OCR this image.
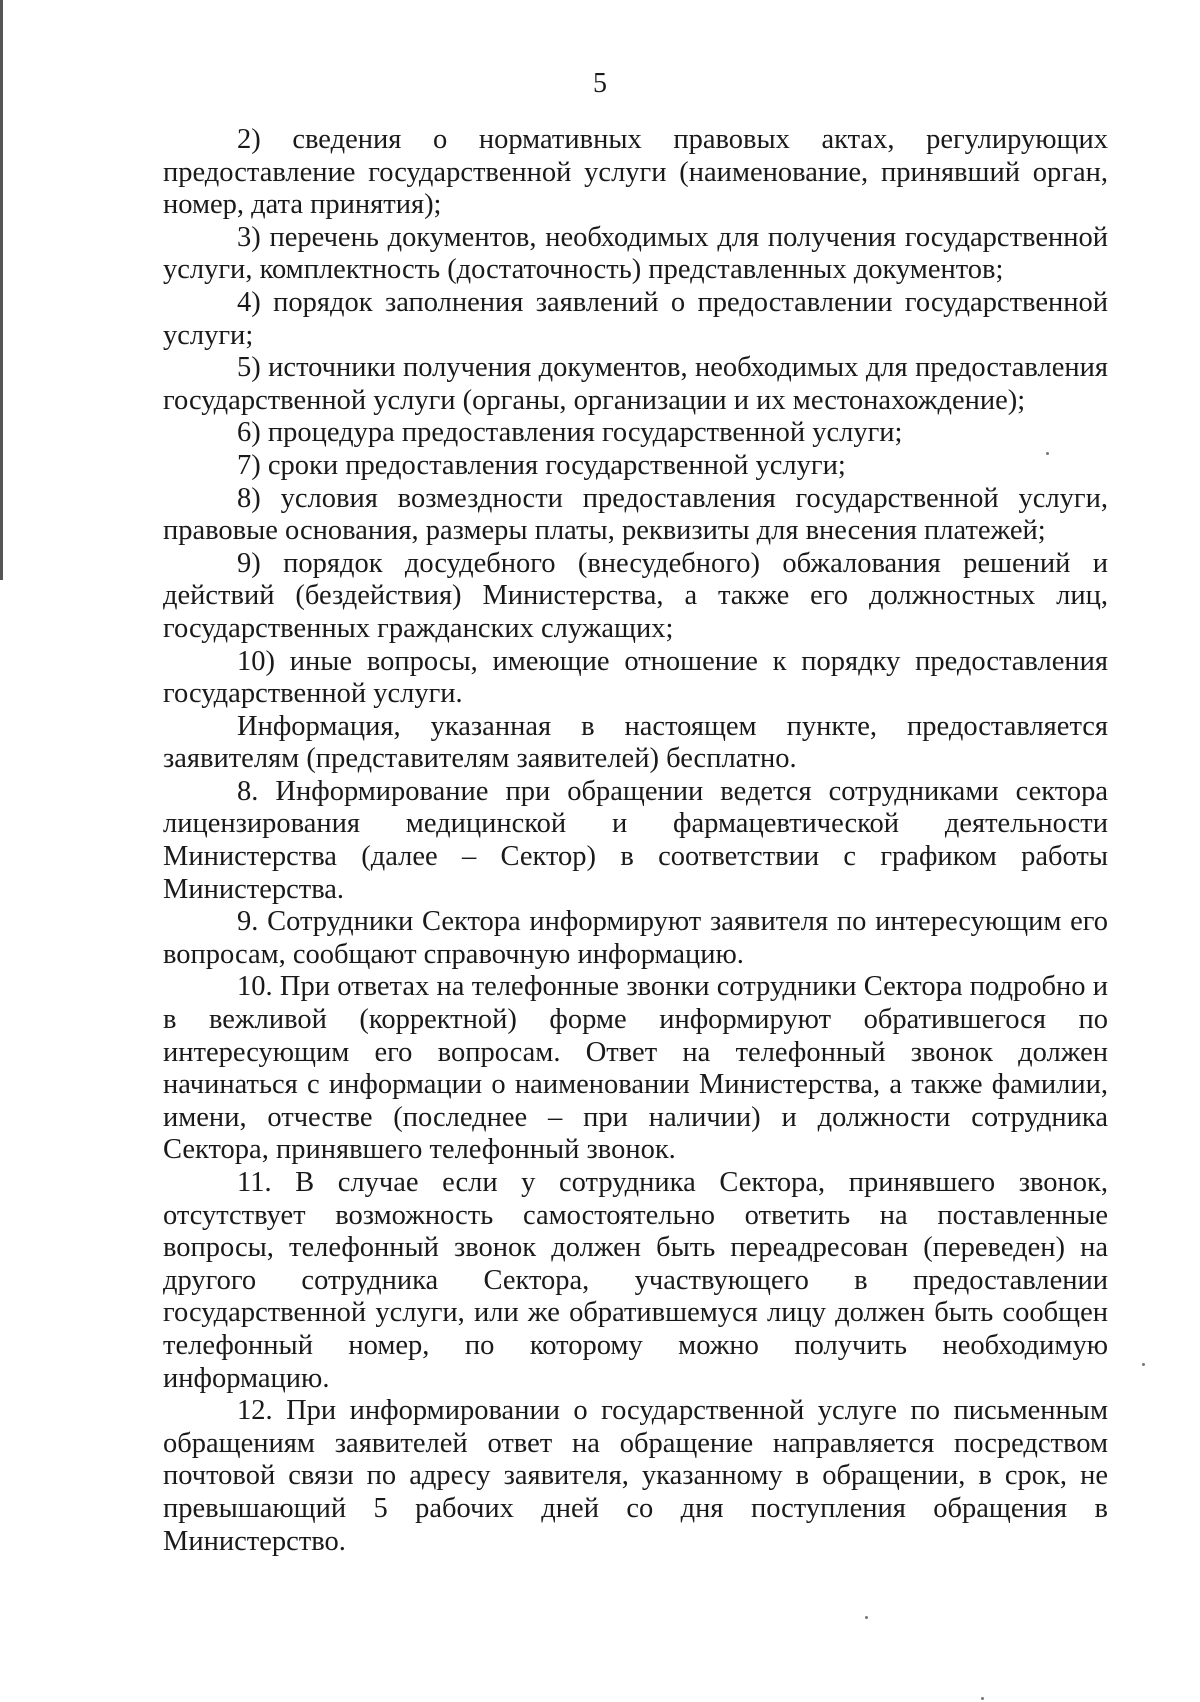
5

2) сведения о нормативных правовых актах, регулирующих предоставление государственной услуги (наименование, принявший орган, номер, дата принятия);

3) перечень документов, необходимых для получения государственной услуги, комплектность (достаточность) представленных документов;

4) порядок заполнения заявлений о предоставлении государственной услуги;

5) источники получения документов, необходимых для предоставления государственной услуги (органы, организации и их местонахождение);

6) процедура предоставления государственной услуги;

7) сроки предоставления государственной услуги;

8) условия возмездности предоставления государственной услуги, правовые основания, размеры платы, реквизиты для внесения платежей;

9) порядок досудебного (внесудебного) обжалования решений и действий (бездействия) Министерства, а также его должностных лиц, государственных гражданских служащих;

10) иные вопросы, имеющие отношение к порядку предоставления государственной услуги.

Информация, указанная в настоящем пункте, предоставляется заявителям (представителям заявителей) бесплатно.

8. Информирование при обращении ведется сотрудниками сектора лицензирования медицинской и фармацевтической деятельности Министерства (далее – Сектор) в соответствии с графиком работы Министерства.

9. Сотрудники Сектора информируют заявителя по интересующим его вопросам, сообщают справочную информацию.

10. При ответах на телефонные звонки сотрудники Сектора подробно и в вежливой (корректной) форме информируют обратившегося по интересующим его вопросам. Ответ на телефонный звонок должен начинаться с информации о наименовании Министерства, а также фамилии, имени, отчестве (последнее – при наличии) и должности сотрудника Сектора, принявшего телефонный звонок.

11. В случае если у сотрудника Сектора, принявшего звонок, отсутствует возможность самостоятельно ответить на поставленные вопросы, телефонный звонок должен быть переадресован (переведен) на другого сотрудника Сектора, участвующего в предоставлении государственной услуги, или же обратившемуся лицу должен быть сообщен телефонный номер, по которому можно получить необходимую информацию.

12. При информировании о государственной услуге по письменным обращениям заявителей ответ на обращение направляется посредством почтовой связи по адресу заявителя, указанному в обращении, в срок, не превышающий 5 рабочих дней со дня поступления обращения в Министерство.
